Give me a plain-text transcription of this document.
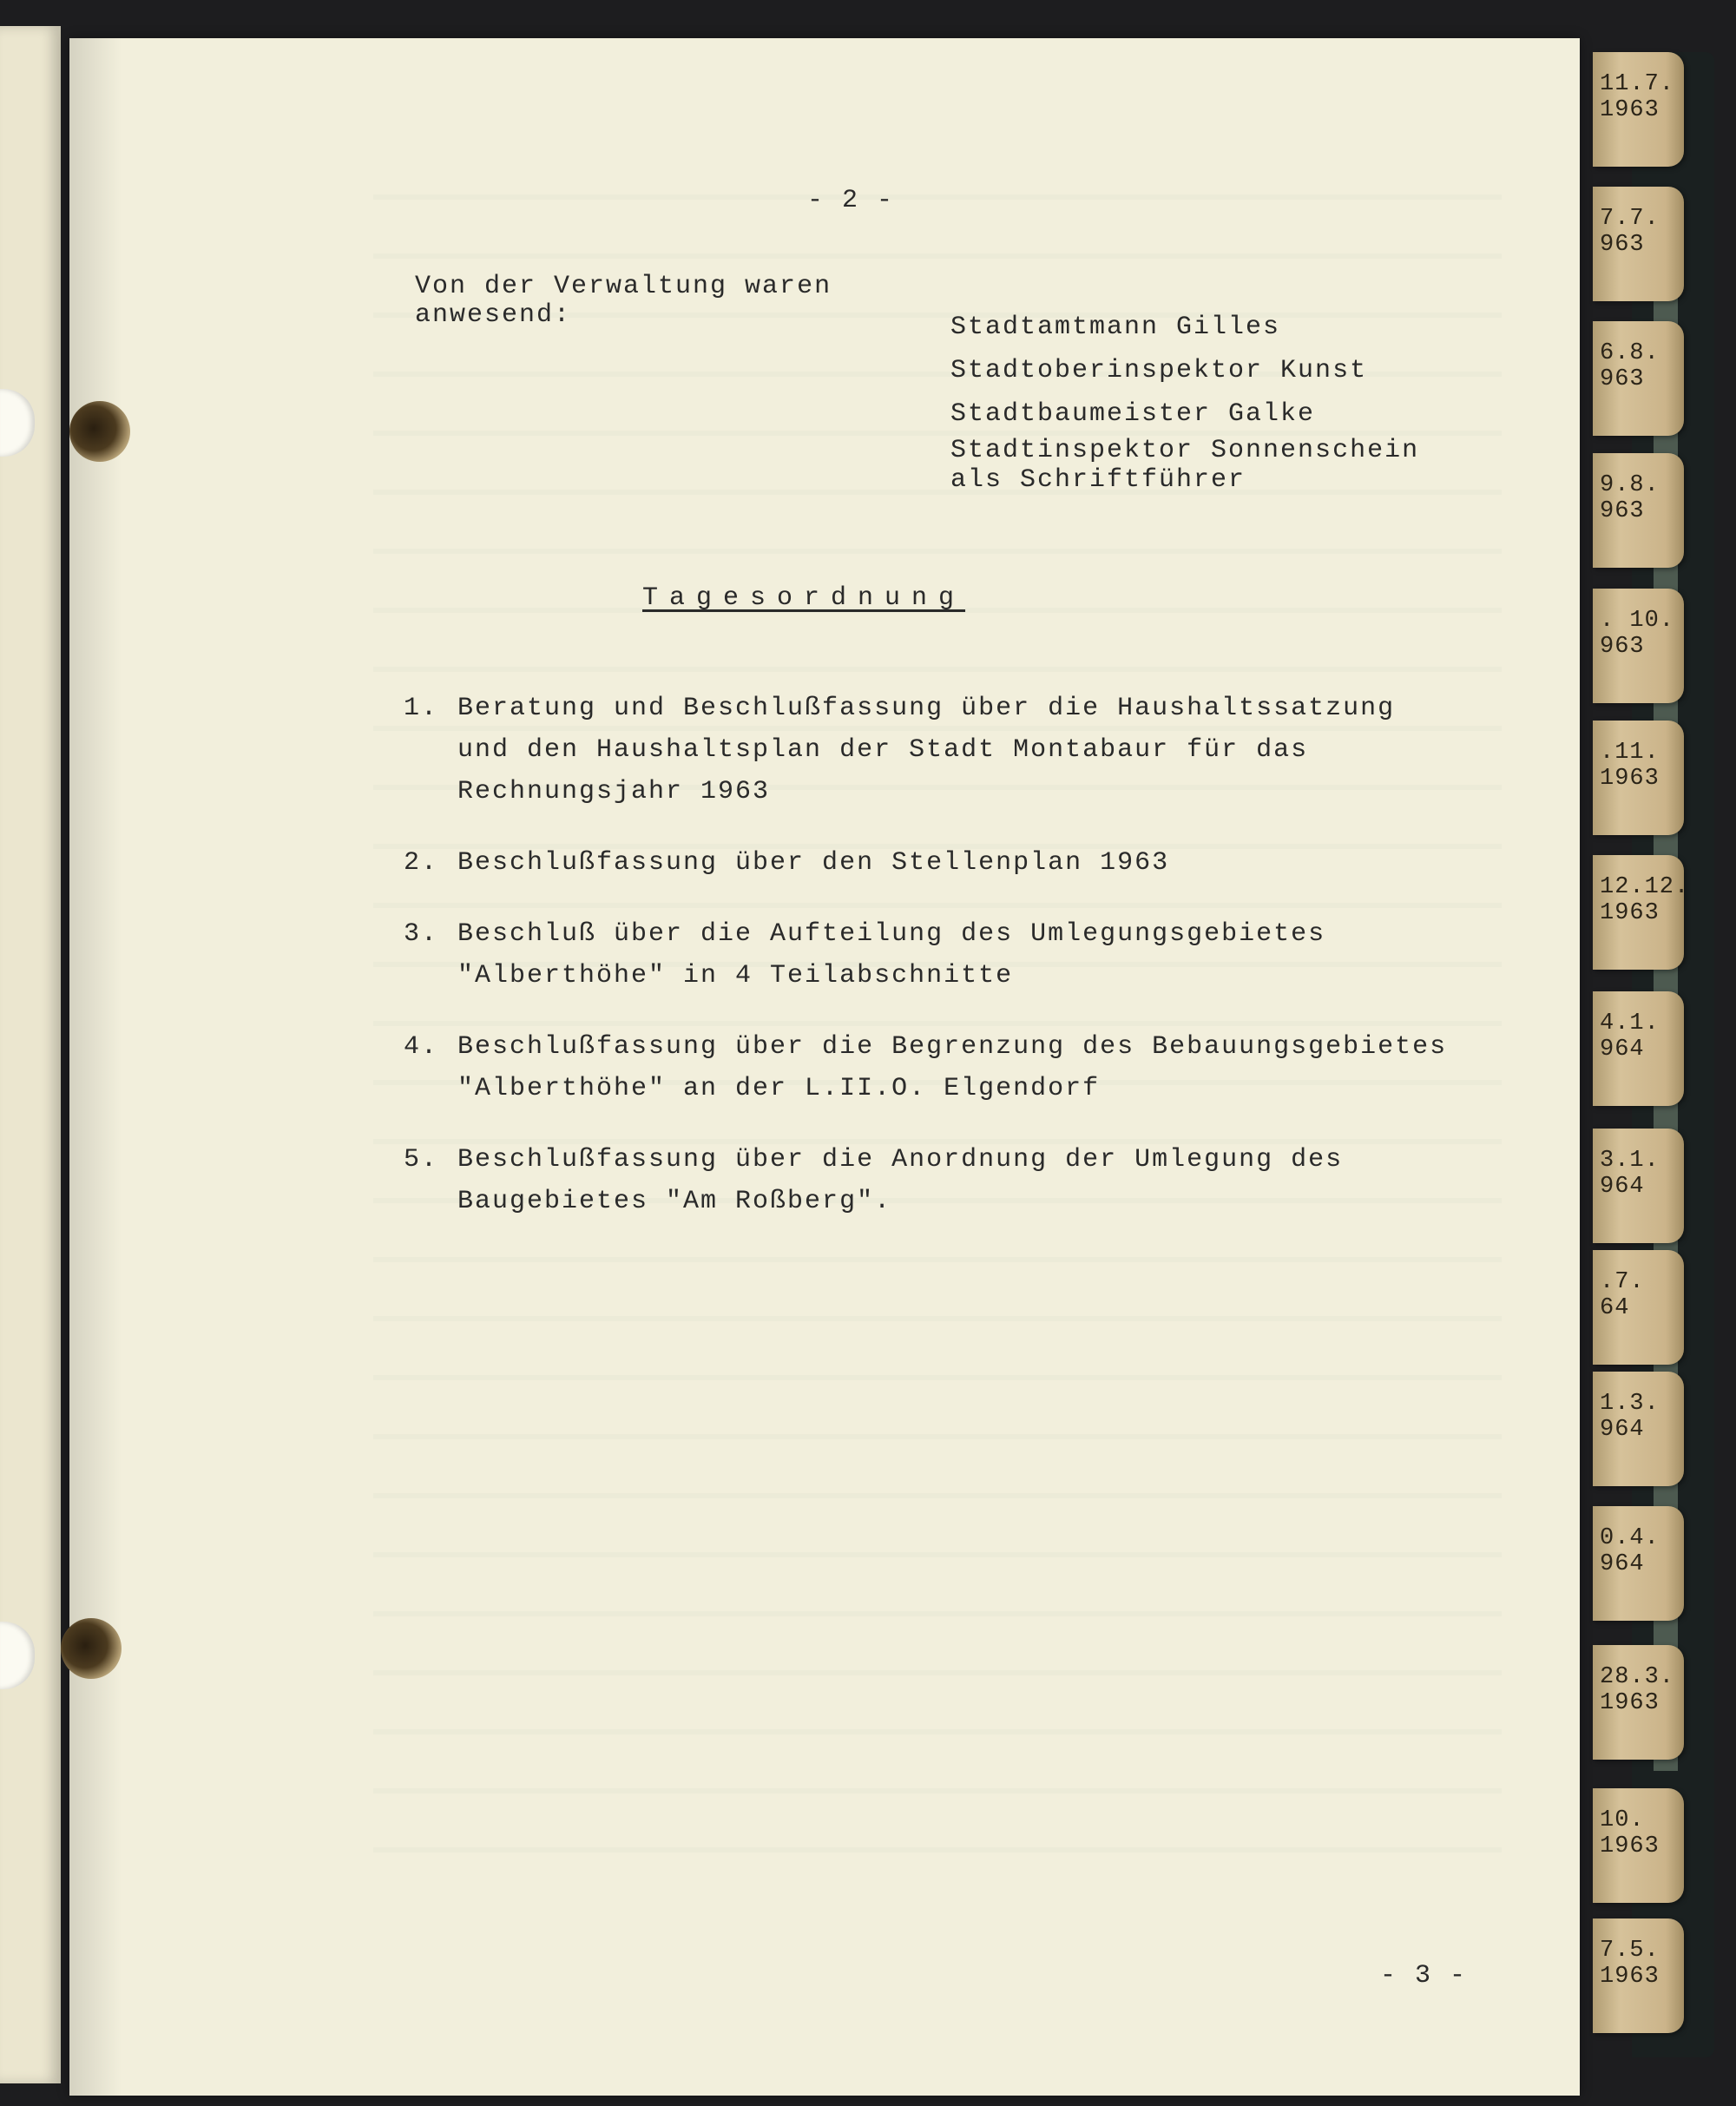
- 2 -
Von der Verwaltung waren
anwesend:	Stadtamtmann Gilles
Stadtoberinspektor Kunst
Stadtbaumeister Galke
Stadtinspektor Sonnenschein
als Schriftführer
Tagesordnung
1. Beratung und Beschlußfassung über die Haushaltssatzung
und den Haushaltsplan der Stadt Montabaur für das
Rechnungsjahr 1963
2. Beschlußfassung über den Stellenplan 1963
3. Beschluß über die Aufteilung des Umlegungsgebietes
"Alberthöhe" in 4 Teilabschnitte
4. Beschlußfassung über die Begrenzung des Bebauungsgebietes
"Alberthöhe" an der L.II.O. Elgendorf
5. Beschlußfassung über die Anordnung der Umlegung des
Baugebietes "Am Roßberg".
- 3 -
11.7.
1963
7.7.
963
6.8.
963
9.8.
963
. 10.
963
.11.
1963
12.12.
1963
4.1.
964
3.1.
964
.7.
64
1.3.
964
0.4.
964
28.3.
1963
10.
1963
7.5.
1963
